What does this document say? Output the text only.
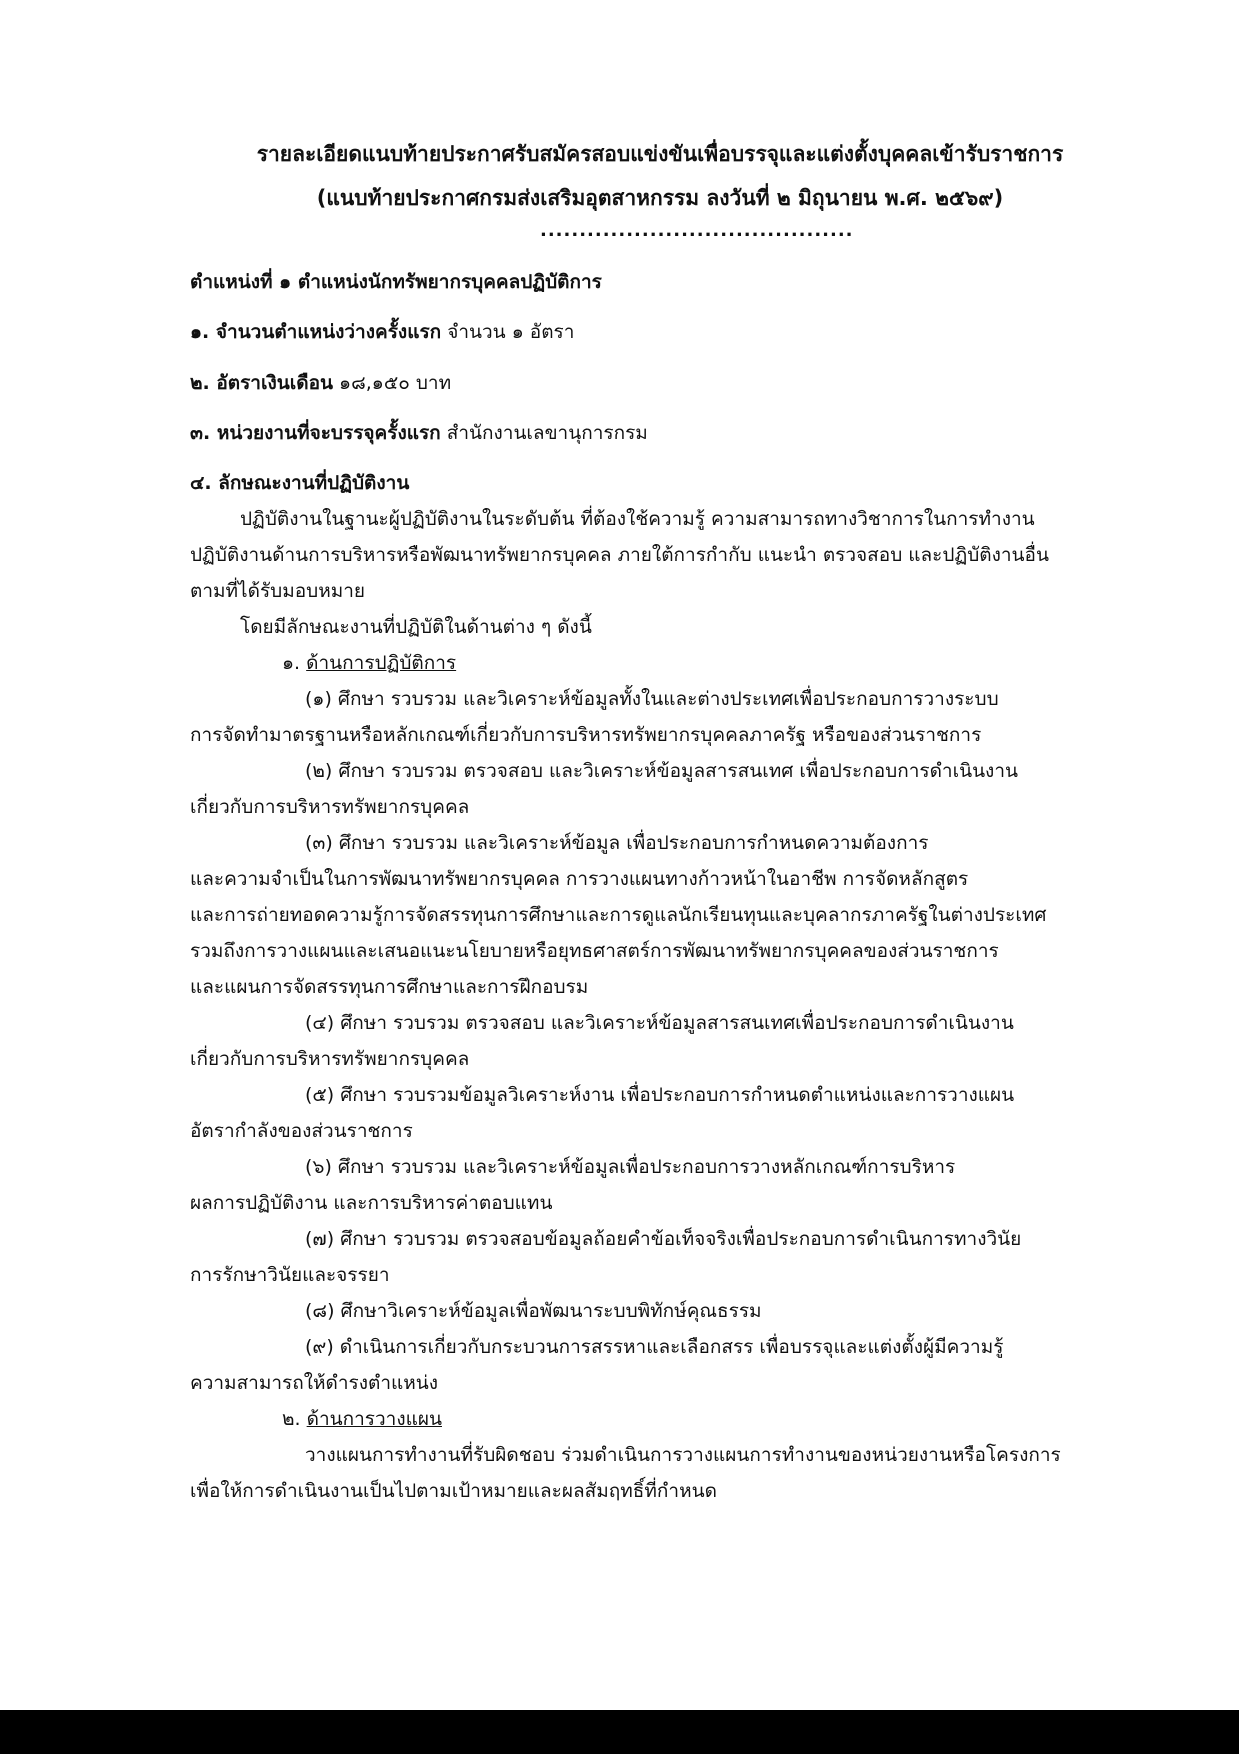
รายละเอียดแนบท้ายประกาศรับสมัครสอบแข่งขันเพื่อบรรจุและแต่งตั้งบุคคลเข้ารับราชการ
(แนบท้ายประกาศกรมส่งเสริมอุตสาหกรรม ลงวันที่ ๒ มิถุนายน พ.ศ. ๒๕๖๙)
........................................
ตำแหน่งที่ ๑ ตำแหน่งนักทรัพยากรบุคคลปฏิบัติการ
๑. จำนวนตำแหน่งว่างครั้งแรก จำนวน ๑ อัตรา
๒. อัตราเงินเดือน ๑๘,๑๕๐ บาท
๓. หน่วยงานที่จะบรรจุครั้งแรก สำนักงานเลขานุการกรม
๔. ลักษณะงานที่ปฏิบัติงาน
ปฏิบัติงานในฐานะผู้ปฏิบัติงานในระดับต้น ที่ต้องใช้ความรู้ ความสามารถทางวิชาการในการทำงาน
ปฏิบัติงานด้านการบริหารหรือพัฒนาทรัพยากรบุคคล ภายใต้การกำกับ แนะนำ ตรวจสอบ และปฏิบัติงานอื่น
ตามที่ได้รับมอบหมาย
โดยมีลักษณะงานที่ปฏิบัติในด้านต่าง ๆ ดังนี้
๑. ด้านการปฏิบัติการ
(๑) ศึกษา รวบรวม และวิเคราะห์ข้อมูลทั้งในและต่างประเทศเพื่อประกอบการวางระบบ
การจัดทำมาตรฐานหรือหลักเกณฑ์เกี่ยวกับการบริหารทรัพยากรบุคคลภาครัฐ หรือของส่วนราชการ
(๒) ศึกษา รวบรวม ตรวจสอบ และวิเคราะห์ข้อมูลสารสนเทศ เพื่อประกอบการดำเนินงาน
เกี่ยวกับการบริหารทรัพยากรบุคคล
(๓) ศึกษา รวบรวม และวิเคราะห์ข้อมูล เพื่อประกอบการกำหนดความต้องการ
และความจำเป็นในการพัฒนาทรัพยากรบุคคล การวางแผนทางก้าวหน้าในอาชีพ การจัดหลักสูตร
และการถ่ายทอดความรู้การจัดสรรทุนการศึกษาและการดูแลนักเรียนทุนและบุคลากรภาครัฐในต่างประเทศ
รวมถึงการวางแผนและเสนอแนะนโยบายหรือยุทธศาสตร์การพัฒนาทรัพยากรบุคคลของส่วนราชการ
และแผนการจัดสรรทุนการศึกษาและการฝึกอบรม
(๔) ศึกษา รวบรวม ตรวจสอบ และวิเคราะห์ข้อมูลสารสนเทศเพื่อประกอบการดำเนินงาน
เกี่ยวกับการบริหารทรัพยากรบุคคล
(๕) ศึกษา รวบรวมข้อมูลวิเคราะห์งาน เพื่อประกอบการกำหนดตำแหน่งและการวางแผน
อัตรากำลังของส่วนราชการ
(๖) ศึกษา รวบรวม และวิเคราะห์ข้อมูลเพื่อประกอบการวางหลักเกณฑ์การบริหาร
ผลการปฏิบัติงาน และการบริหารค่าตอบแทน
(๗) ศึกษา รวบรวม ตรวจสอบข้อมูลถ้อยคำข้อเท็จจริงเพื่อประกอบการดำเนินการทางวินัย
การรักษาวินัยและจรรยา
(๘) ศึกษาวิเคราะห์ข้อมูลเพื่อพัฒนาระบบพิทักษ์คุณธรรม
(๙) ดำเนินการเกี่ยวกับกระบวนการสรรหาและเลือกสรร เพื่อบรรจุและแต่งตั้งผู้มีความรู้
ความสามารถให้ดำรงตำแหน่ง
๒. ด้านการวางแผน
วางแผนการทำงานที่รับผิดชอบ ร่วมดำเนินการวางแผนการทำงานของหน่วยงานหรือโครงการ
เพื่อให้การดำเนินงานเป็นไปตามเป้าหมายและผลสัมฤทธิ์ที่กำหนด
